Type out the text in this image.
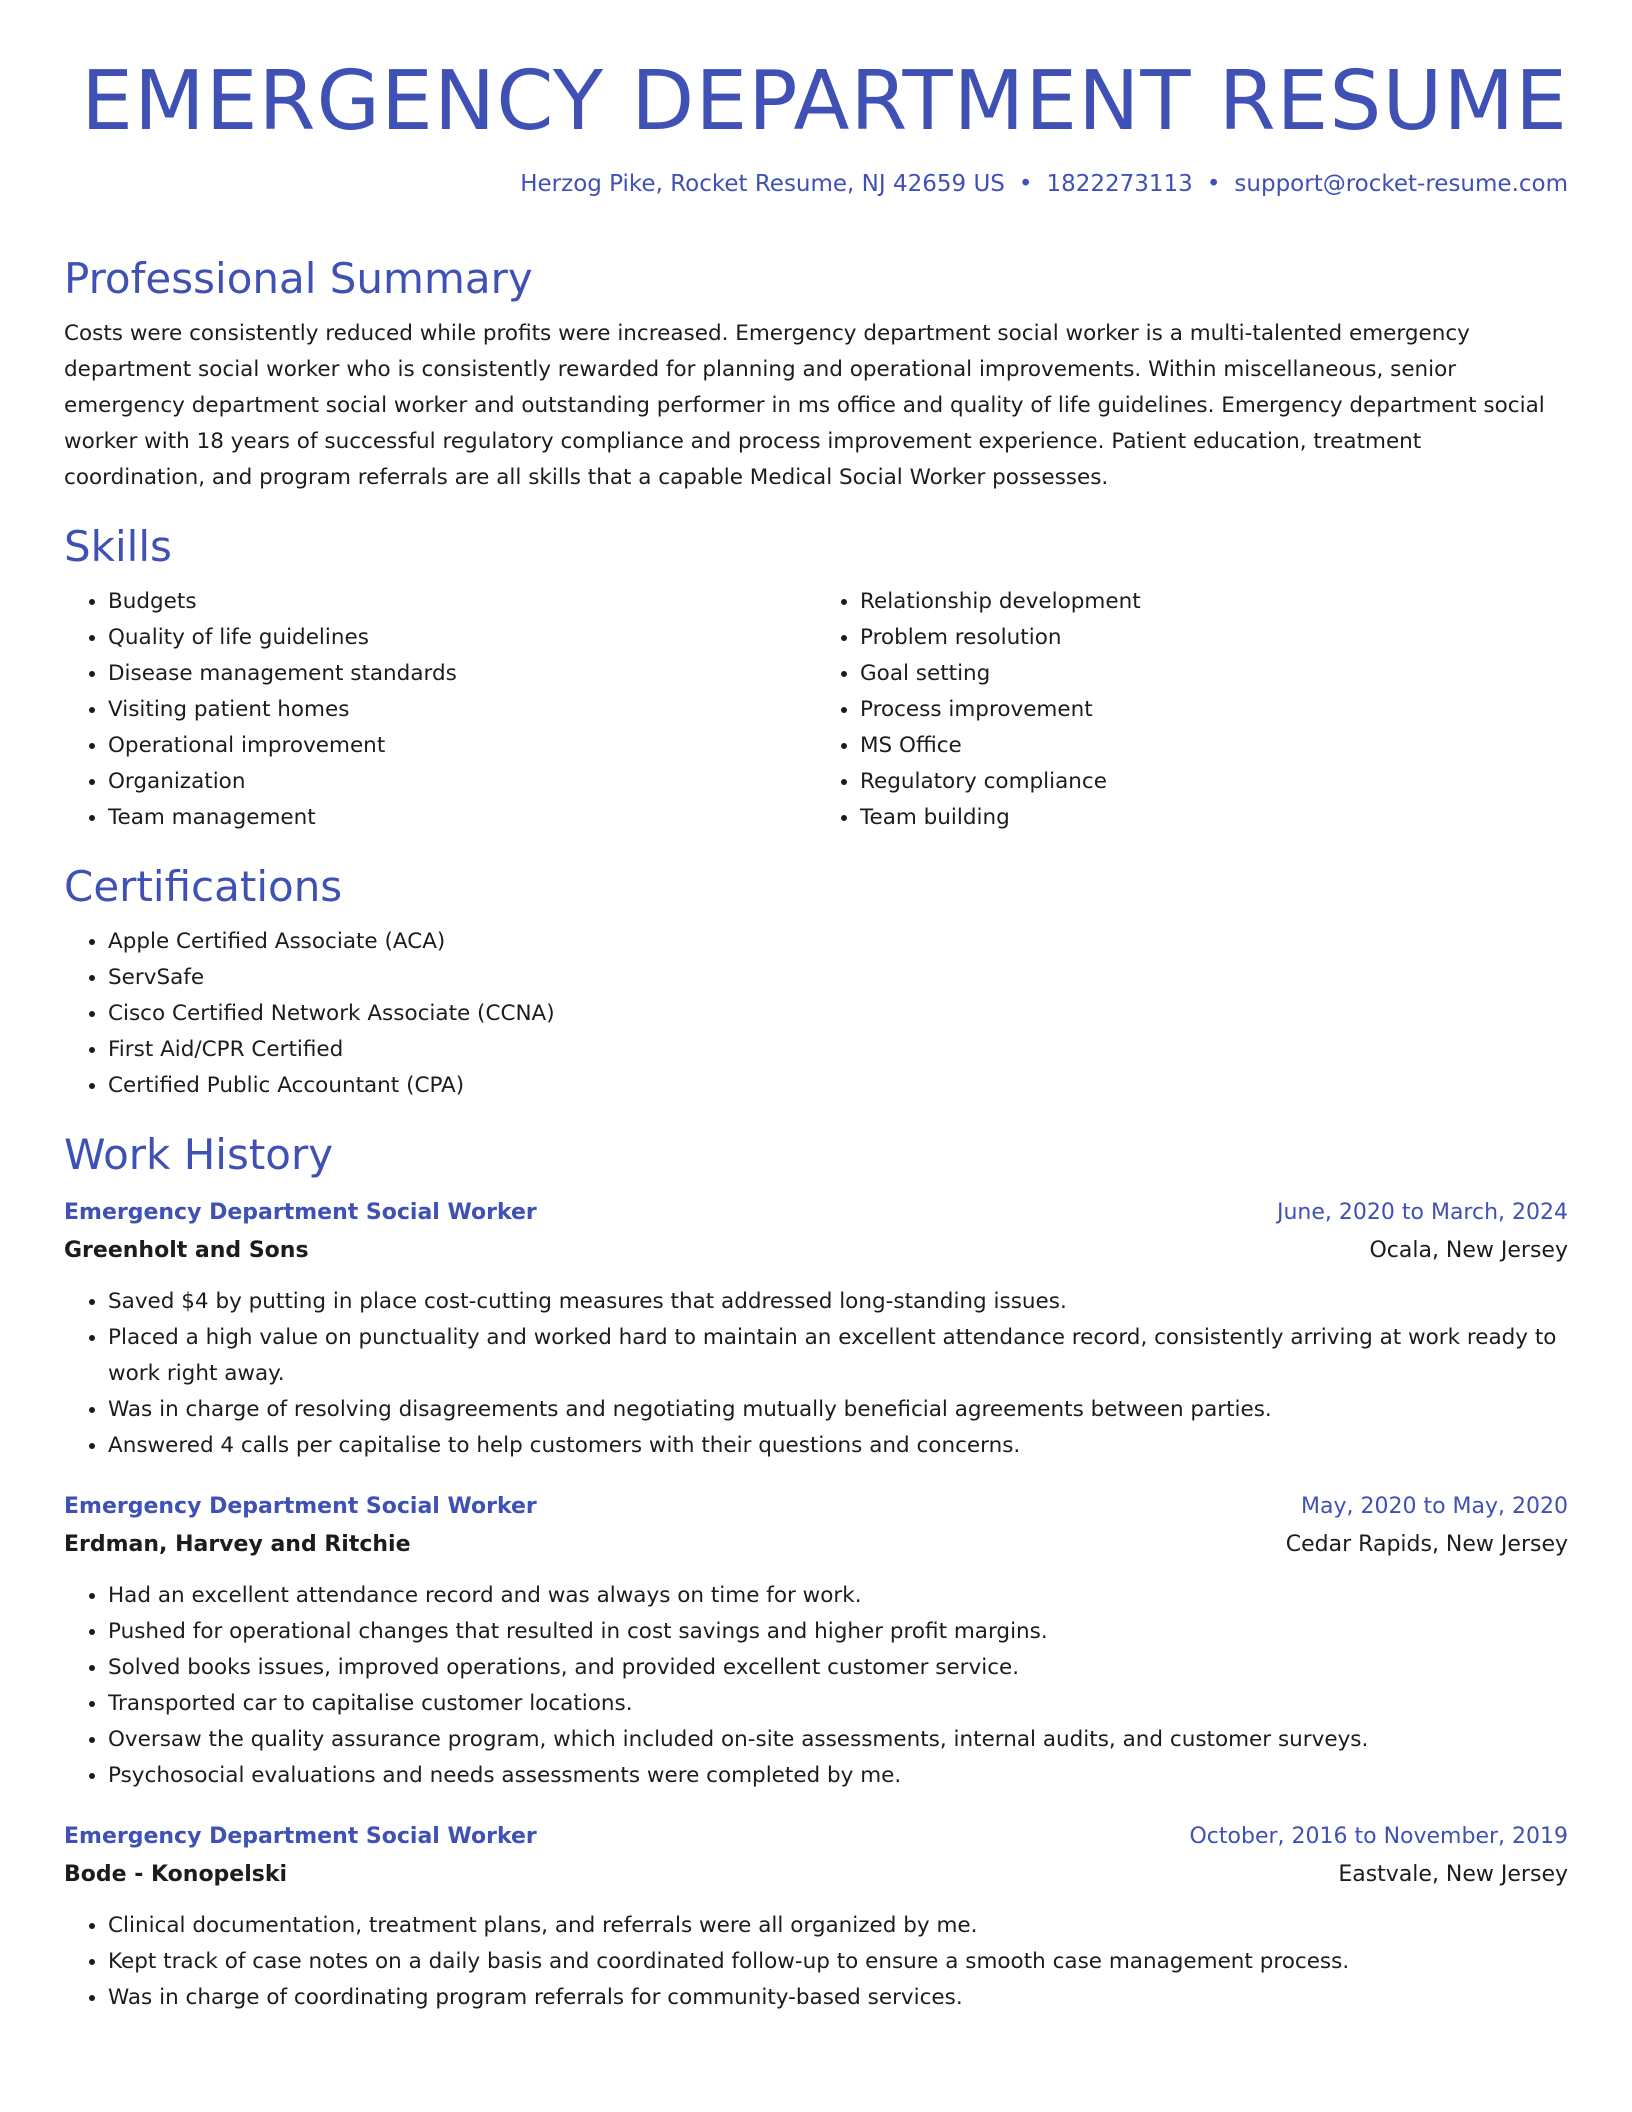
EMERGENCY DEPARTMENT RESUME
Herzog Pike, Rocket Resume, NJ 42659 US • 1822273113 • support@rocket-resume.com
Professional Summary

Costs were consistently reduced while profits were increased. Emergency department social worker is a multi-talented emergency department social worker who is consistently rewarded for planning and operational improvements. Within miscellaneous, senior emergency department social worker and outstanding performer in ms office and quality of life guidelines. Emergency department social worker with 18 years of successful regulatory compliance and process improvement experience. Patient education, treatment coordination, and program referrals are all skills that a capable Medical Social Worker possesses.

Skills
• Budgets
• Quality of life guidelines
• Disease management standards
• Visiting patient homes
• Operational improvement
• Organization
• Team management
• Relationship development
• Problem resolution
• Goal setting
• Process improvement
• MS Office
• Regulatory compliance
• Team building
Certifications
• Apple Certified Associate (ACA)
• ServSafe
• Cisco Certified Network Associate (CCNA)
• First Aid/CPR Certified
• Certified Public Accountant (CPA)
Work History
Emergency Department Social Worker	June, 2020 to March, 2024
Greenholt and Sons	Ocala, New Jersey
• Saved $4 by putting in place cost-cutting measures that addressed long-standing issues.
• Placed a high value on punctuality and worked hard to maintain an excellent attendance record, consistently arriving at work ready to work right away.
• Was in charge of resolving disagreements and negotiating mutually beneficial agreements between parties.
• Answered 4 calls per capitalise to help customers with their questions and concerns.
Emergency Department Social Worker	May, 2020 to May, 2020
Erdman, Harvey and Ritchie	Cedar Rapids, New Jersey
• Had an excellent attendance record and was always on time for work.
• Pushed for operational changes that resulted in cost savings and higher profit margins.
• Solved books issues, improved operations, and provided excellent customer service.
• Transported car to capitalise customer locations.
• Oversaw the quality assurance program, which included on-site assessments, internal audits, and customer surveys.
• Psychosocial evaluations and needs assessments were completed by me.
Emergency Department Social Worker	October, 2016 to November, 2019
Bode - Konopelski	Eastvale, New Jersey
• Clinical documentation, treatment plans, and referrals were all organized by me.
• Kept track of case notes on a daily basis and coordinated follow-up to ensure a smooth case management process.
• Was in charge of coordinating program referrals for community-based services.
